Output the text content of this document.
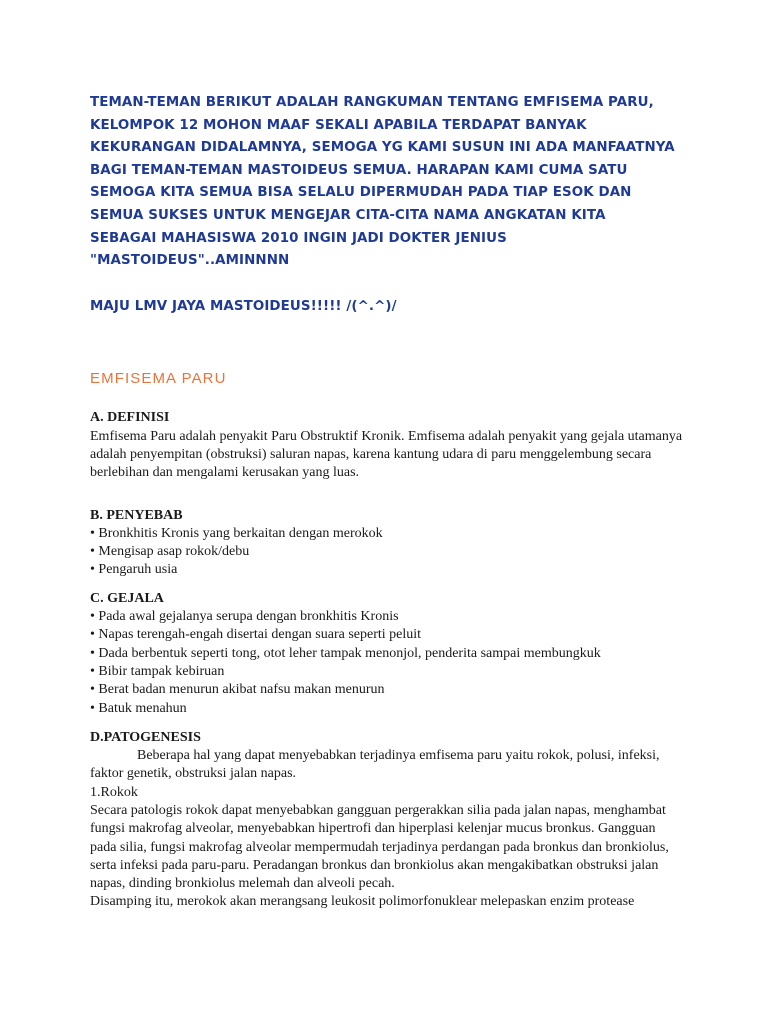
TEMAN-TEMAN BERIKUT ADALAH RANGKUMAN TENTANG EMFISEMA PARU,

KELOMPOK 12 MOHON MAAF SEKALI APABILA TERDAPAT BANYAK

KEKURANGAN DIDALAMNYA, SEMOGA YG KAMI SUSUN INI ADA MANFAATNYA

BAGI TEMAN-TEMAN MASTOIDEUS SEMUA. HARAPAN KAMI CUMA SATU

SEMOGA KITA SEMUA BISA SELALU DIPERMUDAH PADA TIAP ESOK DAN

SEMUA SUKSES UNTUK MENGEJAR CITA-CITA NAMA ANGKATAN KITA

SEBAGAI MAHASISWA 2010 INGIN JADI DOKTER JENIUS

"MASTOIDEUS"..AMINNNN

MAJU LMV JAYA MASTOIDEUS!!!!! /(^.^)/

EMFISEMA PARU
A. DEFINISI

Emfisema Paru adalah penyakit Paru Obstruktif Kronik. Emfisema adalah penyakit yang gejala utamanya

adalah penyempitan (obstruksi) saluran napas, karena kantung udara di paru menggelembung secara

berlebihan dan mengalami kerusakan yang luas.

B. PENYEBAB
• Bronkhitis Kronis yang berkaitan dengan merokok
• Mengisap asap rokok/debu
• Pengaruh usia
C. GEJALA
• Pada awal gejalanya serupa dengan bronkhitis Kronis
• Napas terengah-engah disertai dengan suara seperti peluit
• Dada berbentuk seperti tong, otot leher tampak menonjol, penderita sampai membungkuk
• Bibir tampak kebiruan
• Berat badan menurun akibat nafsu makan menurun
• Batuk menahun
D.PATOGENESIS

Beberapa hal yang dapat menyebabkan terjadinya emfisema paru yaitu rokok, polusi, infeksi,

faktor genetik, obstruksi jalan napas.

1.Rokok

Secara patologis rokok dapat menyebabkan gangguan pergerakkan silia pada jalan napas, menghambat

fungsi makrofag alveolar, menyebabkan hipertrofi dan hiperplasi kelenjar mucus bronkus. Gangguan

pada silia, fungsi makrofag alveolar mempermudah terjadinya perdangan pada bronkus dan bronkiolus,

serta infeksi pada paru-paru. Peradangan bronkus dan bronkiolus akan mengakibatkan obstruksi jalan

napas, dinding bronkiolus melemah dan alveoli pecah.

Disamping itu, merokok akan merangsang leukosit polimorfonuklear melepaskan enzim protease
